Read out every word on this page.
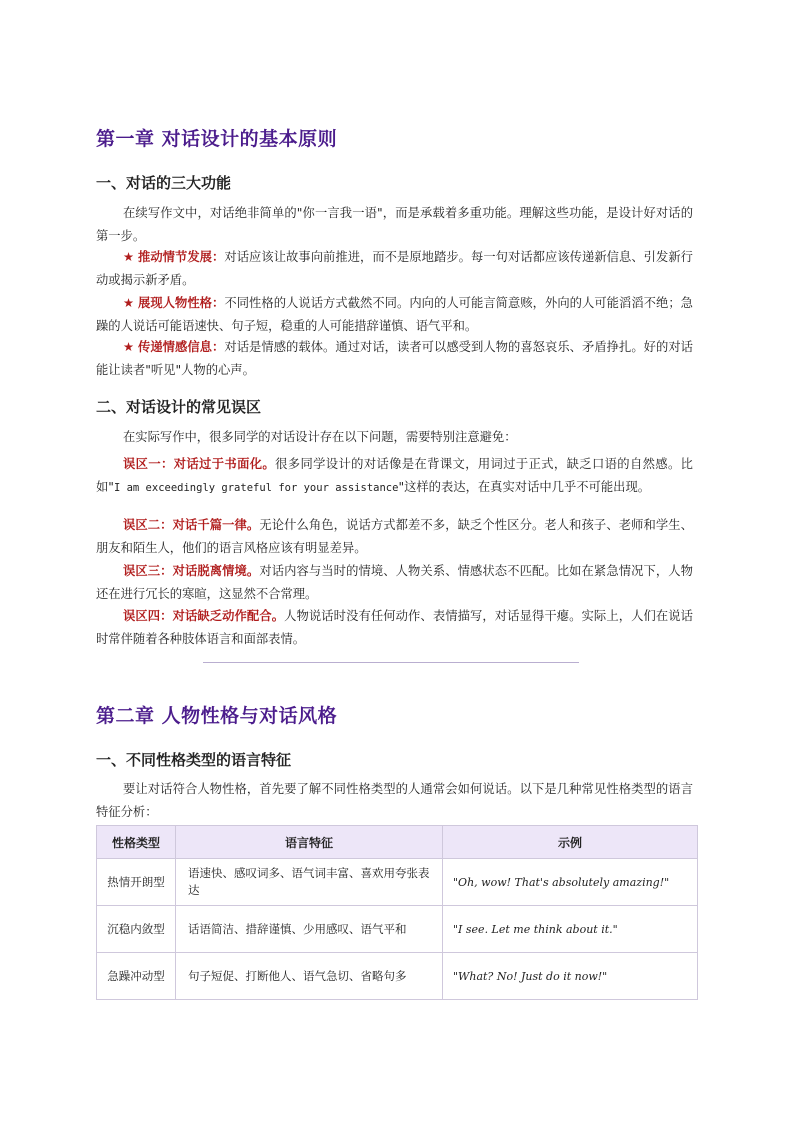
第一章 对话设计的基本原则
一、对话的三大功能
在续写作文中，对话绝非简单的"你一言我一语"，而是承载着多重功能。理解这些功能，是设计好对话的第一步。
★ 推动情节发展：对话应该让故事向前推进，而不是原地踏步。每一句对话都应该传递新信息、引发新行动或揭示新矛盾。
★ 展现人物性格：不同性格的人说话方式截然不同。内向的人可能言简意赅，外向的人可能滔滔不绝；急躁的人说话可能语速快、句子短，稳重的人可能措辞谨慎、语气平和。
★ 传递情感信息：对话是情感的载体。通过对话，读者可以感受到人物的喜怒哀乐、矛盾挣扎。好的对话能让读者"听见"人物的心声。
二、对话设计的常见误区
在实际写作中，很多同学的对话设计存在以下问题，需要特别注意避免：
误区一：对话过于书面化。很多同学设计的对话像是在背课文，用词过于正式，缺乏口语的自然感。比如"I am exceedingly grateful for your assistance"这样的表达，在真实对话中几乎不可能出现。
误区二：对话千篇一律。无论什么角色，说话方式都差不多，缺乏个性区分。老人和孩子、老师和学生、朋友和陌生人，他们的语言风格应该有明显差异。
误区三：对话脱离情境。对话内容与当时的情境、人物关系、情感状态不匹配。比如在紧急情况下，人物还在进行冗长的寒暄，这显然不合常理。
误区四：对话缺乏动作配合。人物说话时没有任何动作、表情描写，对话显得干瘪。实际上，人们在说话时常伴随着各种肢体语言和面部表情。
第二章 人物性格与对话风格
一、不同性格类型的语言特征
要让对话符合人物性格，首先要了解不同性格类型的人通常会如何说话。以下是几种常见性格类型的语言特征分析：
性格类型	语言特征	示例
热情开朗型	语速快、感叹词多、语气词丰富、喜欢用夸张表达	"Oh, wow! That's absolutely amazing!"
沉稳内敛型	话语简洁、措辞谨慎、少用感叹、语气平和	"I see. Let me think about it."
急躁冲动型	句子短促、打断他人、语气急切、省略句多	"What? No! Just do it now!"
